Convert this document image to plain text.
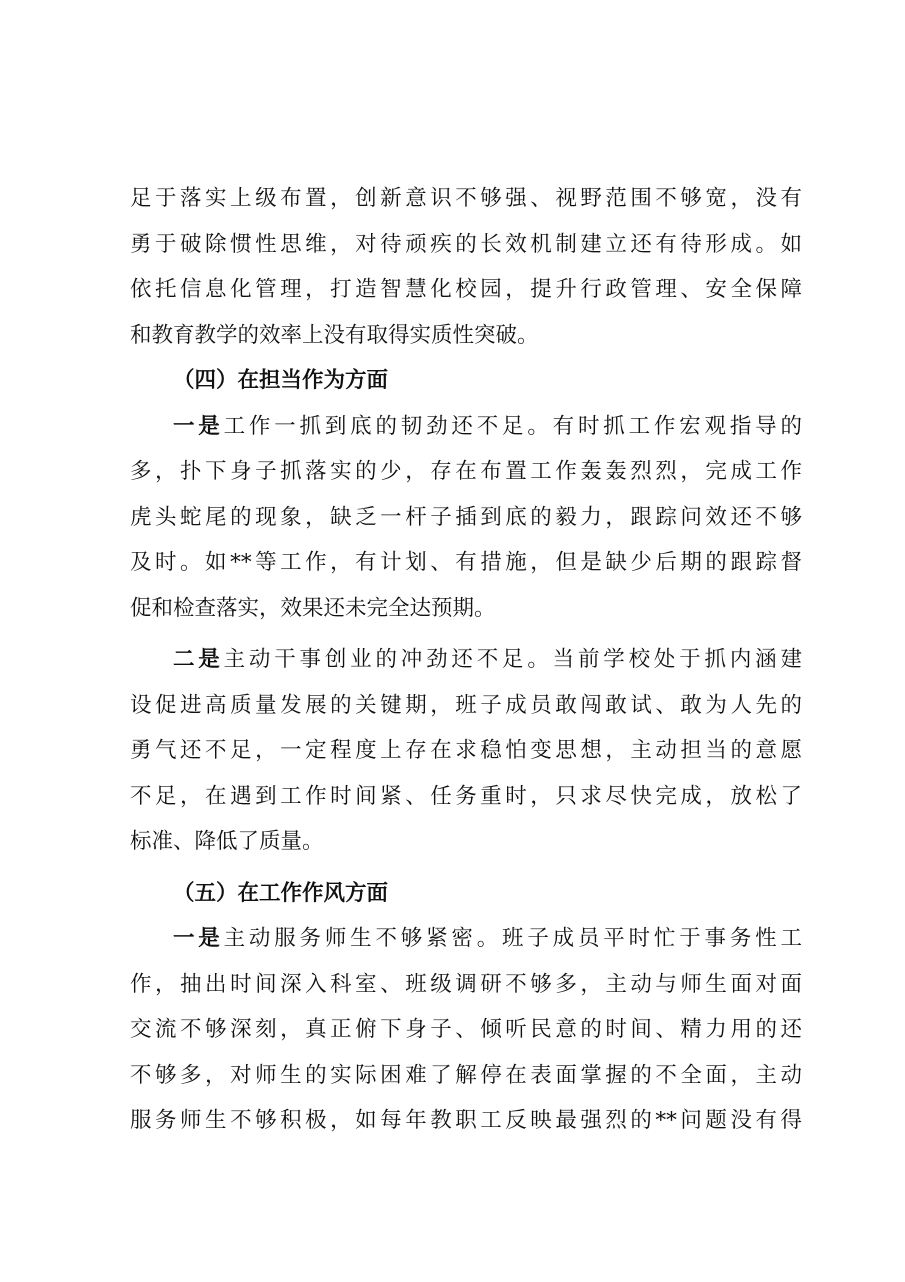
足于落实上级布置，创新意识不够强、视野范围不够宽，没有
勇于破除惯性思维，对待顽疾的长效机制建立还有待形成。如
依托信息化管理，打造智慧化校园，提升行政管理、安全保障
和教育教学的效率上没有取得实质性突破。
（四）在担当作为方面
一是工作一抓到底的韧劲还不足。有时抓工作宏观指导的
多，扑下身子抓落实的少，存在布置工作轰轰烈烈，完成工作
虎头蛇尾的现象，缺乏一杆子插到底的毅力，跟踪问效还不够
及时。如**等工作，有计划、有措施，但是缺少后期的跟踪督
促和检查落实，效果还未完全达预期。
二是主动干事创业的冲劲还不足。当前学校处于抓内涵建
设促进高质量发展的关键期，班子成员敢闯敢试、敢为人先的
勇气还不足，一定程度上存在求稳怕变思想，主动担当的意愿
不足，在遇到工作时间紧、任务重时，只求尽快完成，放松了
标准、降低了质量。
（五）在工作作风方面
一是主动服务师生不够紧密。班子成员平时忙于事务性工
作，抽出时间深入科室、班级调研不够多，主动与师生面对面
交流不够深刻，真正俯下身子、倾听民意的时间、精力用的还
不够多，对师生的实际困难了解停在表面掌握的不全面，主动
服务师生不够积极，如每年教职工反映最强烈的**问题没有得
